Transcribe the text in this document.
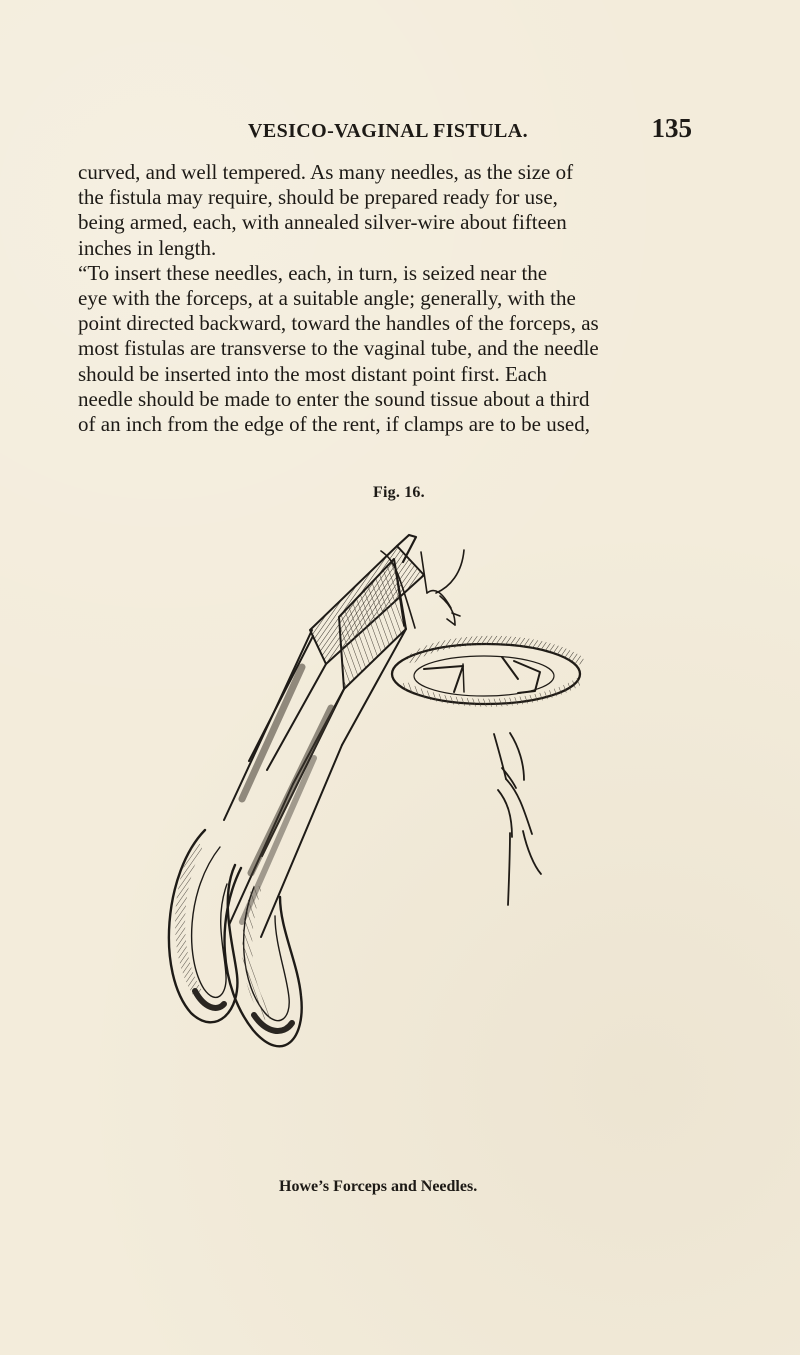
VESICO-VAGINAL FISTULA.	135
curved, and well tempered. As many needles, as the size of
the fistula may require, should be prepared ready for use,
being armed, each, with annealed silver-wire about fifteen
inches in length.
“To insert these needles, each, in turn, is seized near the
eye with the forceps, at a suitable angle; generally, with the
point directed backward, toward the handles of the forceps, as
most fistulas are transverse to the vaginal tube, and the needle
should be inserted into the most distant point first. Each
needle should be made to enter the sound tissue about a third
of an inch from the edge of the rent, if clamps are to be used,
Fig. 16.
Howe’s Forceps and Needles.
